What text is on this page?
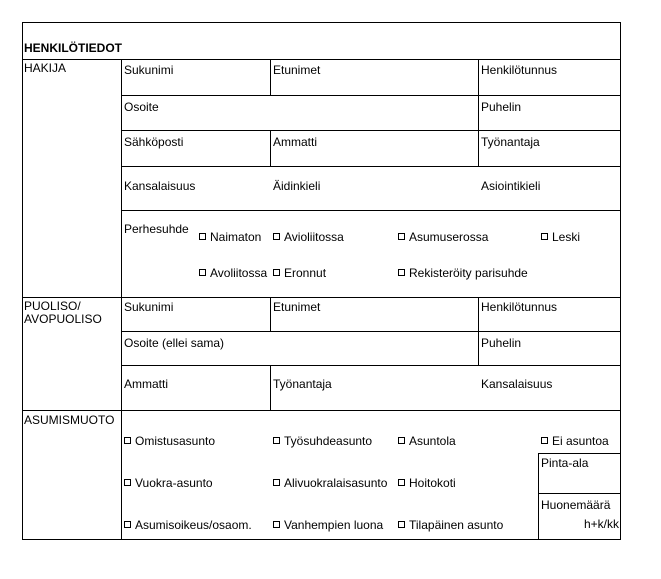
HENKILÖTIEDOT
HAKIJA	Sukunimi	Etunimet	Henkilötunnus
Osoite	Puhelin
Sähköposti	Ammatti	Työnantaja
Kansalaisuus	Äidinkieli	Asiointikieli
Perhesuhde
Naimaton	Avioliitossa	Asumuserossa	Leski
Avoliitossa	Eronnut	Rekisteröity parisuhde
PUOLISO/
AVOPUOLISO
Sukunimi	Etunimet	Henkilötunnus
Osoite (ellei sama)	Puhelin
Ammatti	Työnantaja	Kansalaisuus
ASUMISMUOTO
Omistusasunto	Työsuhdeasunto	Asuntola	Ei asuntoa
Vuokra-asunto	Alivuokralaisasunto	Hoitokoti
Asumisoikeus/osaom.	Vanhempien luona	Tilapäinen asunto
Pinta-ala
Huonemäärä
h+k/kk
